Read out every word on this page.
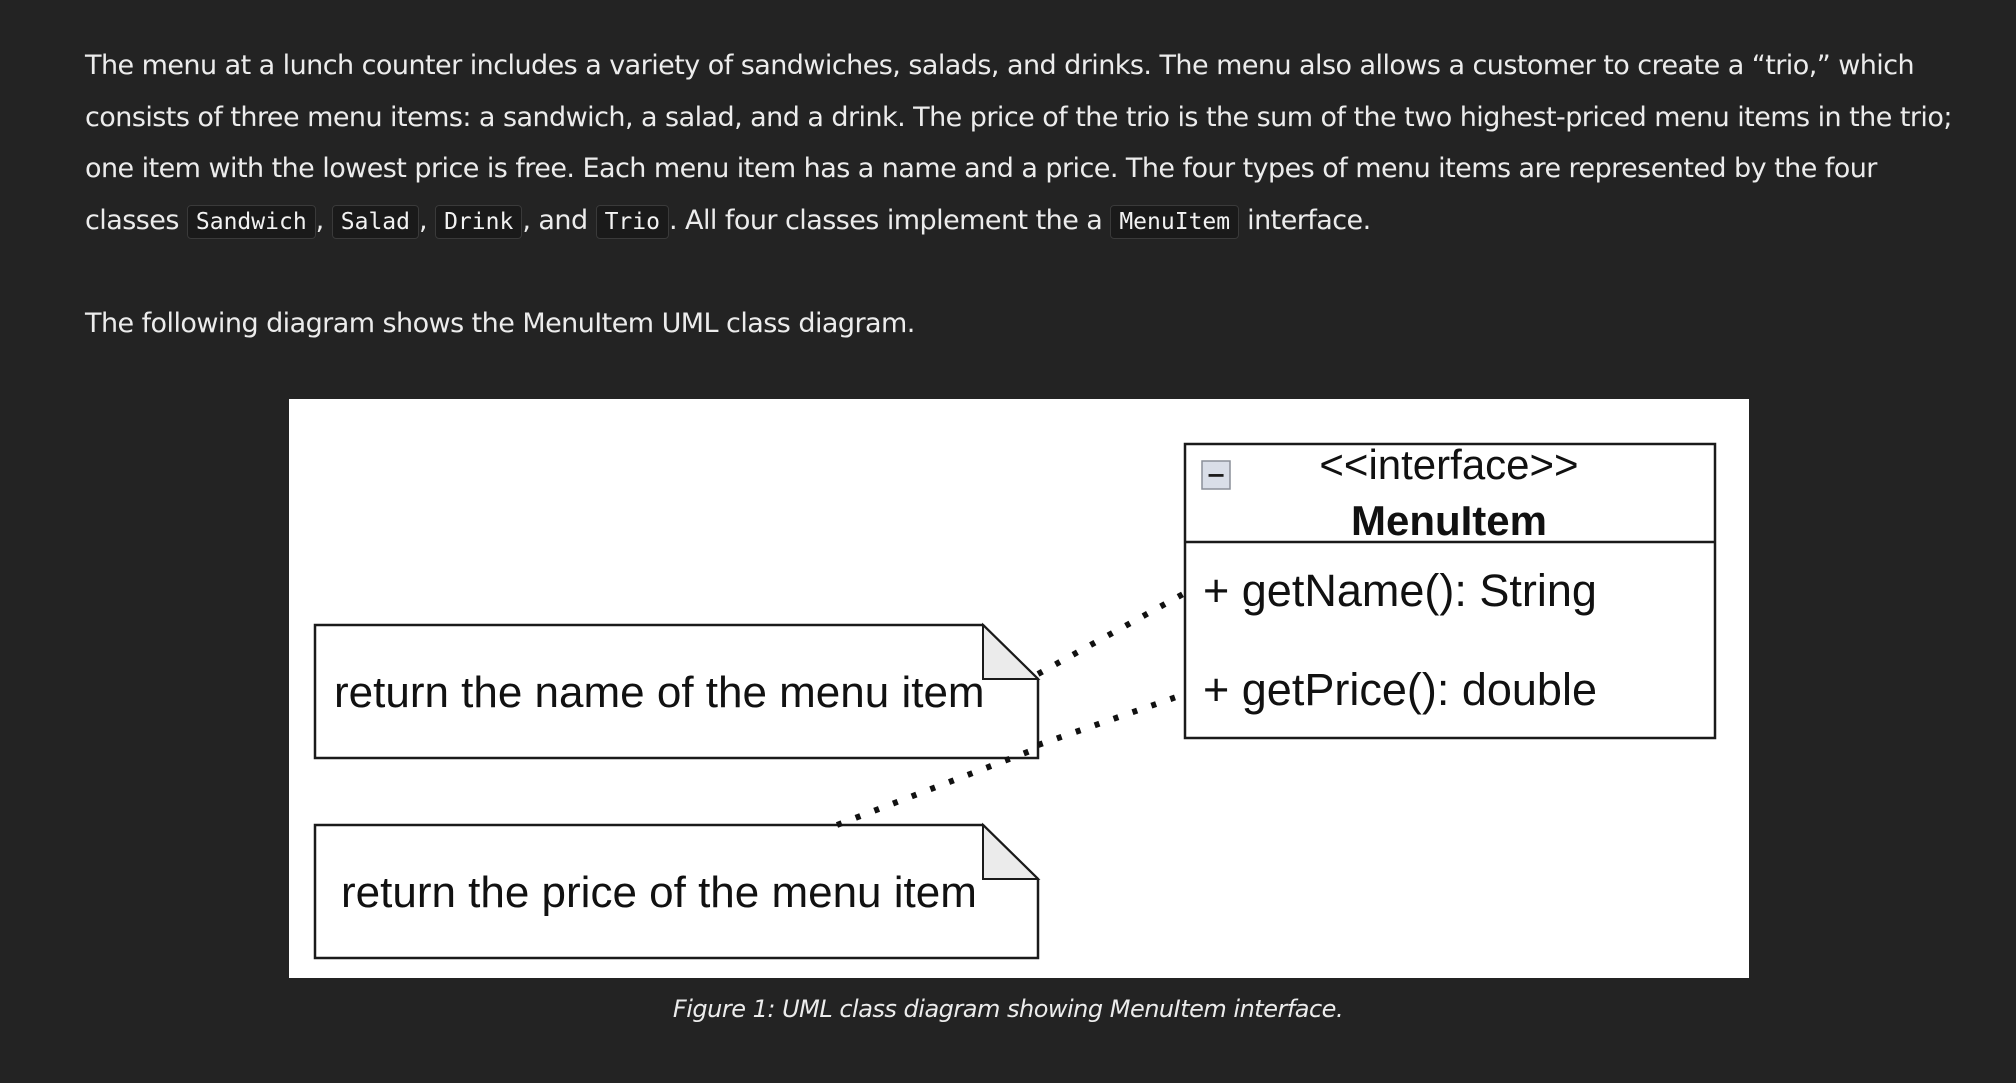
The menu at a lunch counter includes a variety of sandwiches, salads, and drinks. The menu also allows a customer to create a “trio,” which consists of three menu items: a sandwich, a salad, and a drink. The price of the trio is the sum of the two highest-priced menu items in the trio; one item with the lowest price is free. Each menu item has a name and a price. The four types of menu items are represented by the four classes Sandwich , Salad , Drink , and Trio . All four classes implement the a MenuItem interface.

The following diagram shows the MenuItem UML class diagram.

− <<interface>>
MenuItem
+ getName(): String
+ getPrice(): double
return the name of the menu item
return the price of the menu item
Figure 1: UML class diagram showing MenuItem interface.
